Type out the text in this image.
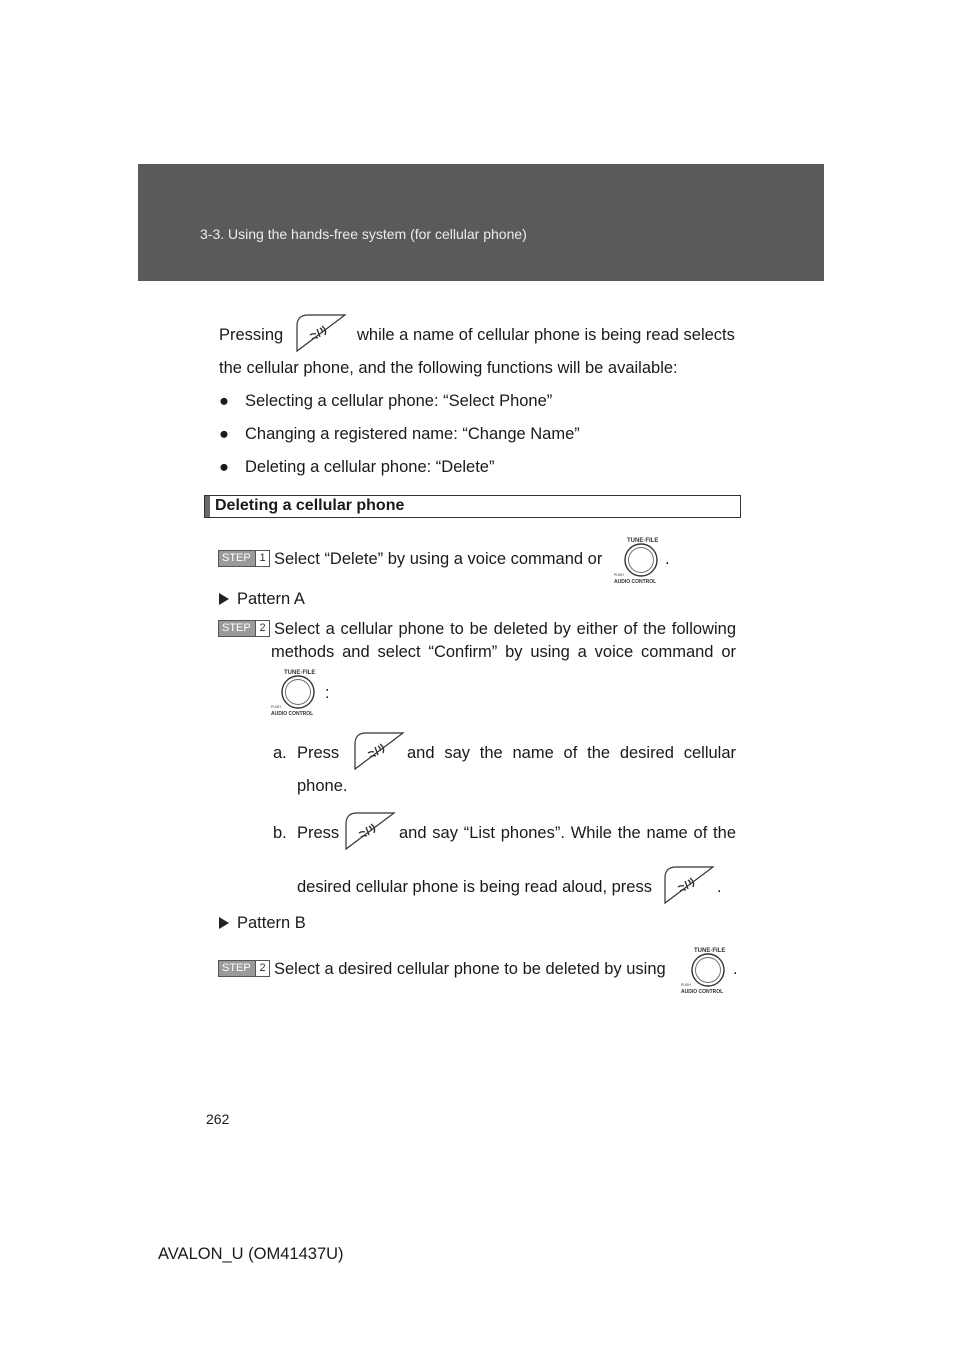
3-3. Using the hands-free system (for cellular phone)
Pressing	while a name of cellular phone is being read selects
the cellular phone, and the following functions will be available:
● Selecting a cellular phone: “Select Phone”
● Changing a registered name: “Change Name”
● Deleting a cellular phone: “Delete”
Deleting a cellular phone
STEP 1 Select “Delete” by using a voice command or
TUNE·FILE
PUSH
AUDIO CONTROL
.
Pattern A
STEP 2 Select a cellular phone to be deleted by either of the following
methods and select “Confirm” by using a voice command or
TUNE·FILE
PUSH
AUDIO CONTROL
:
a. Press	and say the name of the desired cellular
phone.
b. Press	and say “List phones”. While the name of the
desired cellular phone is being read aloud, press	.
Pattern B
STEP 2 Select a desired cellular phone to be deleted by using
TUNE·FILE
PUSH
AUDIO CONTROL
.
262
AVALON_U (OM41437U)
